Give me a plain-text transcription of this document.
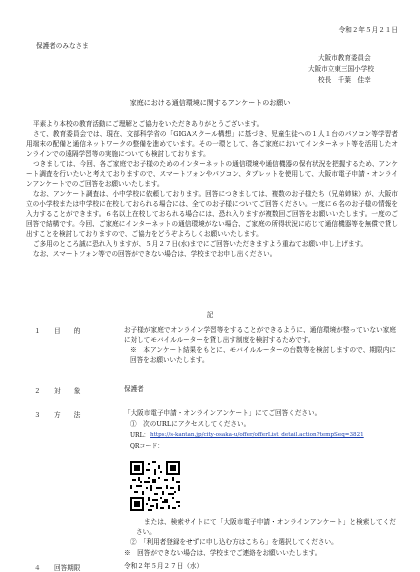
令和２年５月２１日
保護者のみなさま
大阪市教育委員会
大阪市立東三国小学校
校長　千葉　佳幸
家庭における通信環境に関するアンケートのお願い
平素より本校の教育活動にご理解とご協力をいただきありがとうございます。
さて、教育委員会では、現在、文部科学省の「GIGAスクール構想」に基づき、児童生徒への１人１台のパソコン等学習者用端末の配備と通信ネットワークの整備を進めています。その一環として、各ご家庭においてインターネット等を活用したオンラインでの遠隔学習等の実施についても検討しております。
つきましては、今回、各ご家庭でお子様のためのインターネットの通信環境や通信機器の保有状況を把握するため、アンケート調査を行いたいと考えておりますので、スマートフォンやパソコン、タブレットを使用して、大阪市電子申請・オンラインアンケートでのご回答をお願いいたします。
なお、アンケート調査は、小中学校に依頼しております。回答につきましては、複数のお子様たち（兄弟姉妹）が、大阪市立の小学校または中学校に在校しておられる場合には、全てのお子様についてご回答ください。一度に６名のお子様の情報を入力することができます。６名以上在校しておられる場合には、恐れ入りますが複数回ご回答をお願いいたします。一度のご回答で結構です。今回、ご家庭にインターネットの通信環境がない場合、ご家庭の所得状況に応じて通信機器等を無償で貸し出すことを検討しておりますので、ご協力をどうぞよろしくお願いいたします。
ご多用のところ誠に恐れ入りますが、５月２７日(水)までにご回答いただきますよう重ねてお願い申し上げます。
なお、スマートフォン等での回答ができない場合は、学校までお申し出ください。
記
１ 目　　的	お子様が家庭でオンライン学習等をすることができるように、通信環境が整っていない家庭に対してモバイルルーターを貸し出す制度を検討するためです。
※　本アンケート結果をもとに、モバイルルーターの台数等を検討しますので、期限内に回答をお願いいたします。
２ 対　　象	保護者
３ 方　　法	「大阪市電子申請・オンラインアンケート」にてご回答ください。
①　次のURLにアクセスしてください。
URL： https://s-kantan.jp/city-osaka-u/offer/offerList_detail.action?tempSeq=3821
QRコード：
または、検索サイトにて「大阪市電子申請・オンラインアンケート」と検索してください。
②　「利用者登録をせずに申し込む方はこちら」を選択してください。
※　回答ができない場合は、学校までご連絡をお願いいたします。
４ 回答期限	令和２年５月２７日（水）
